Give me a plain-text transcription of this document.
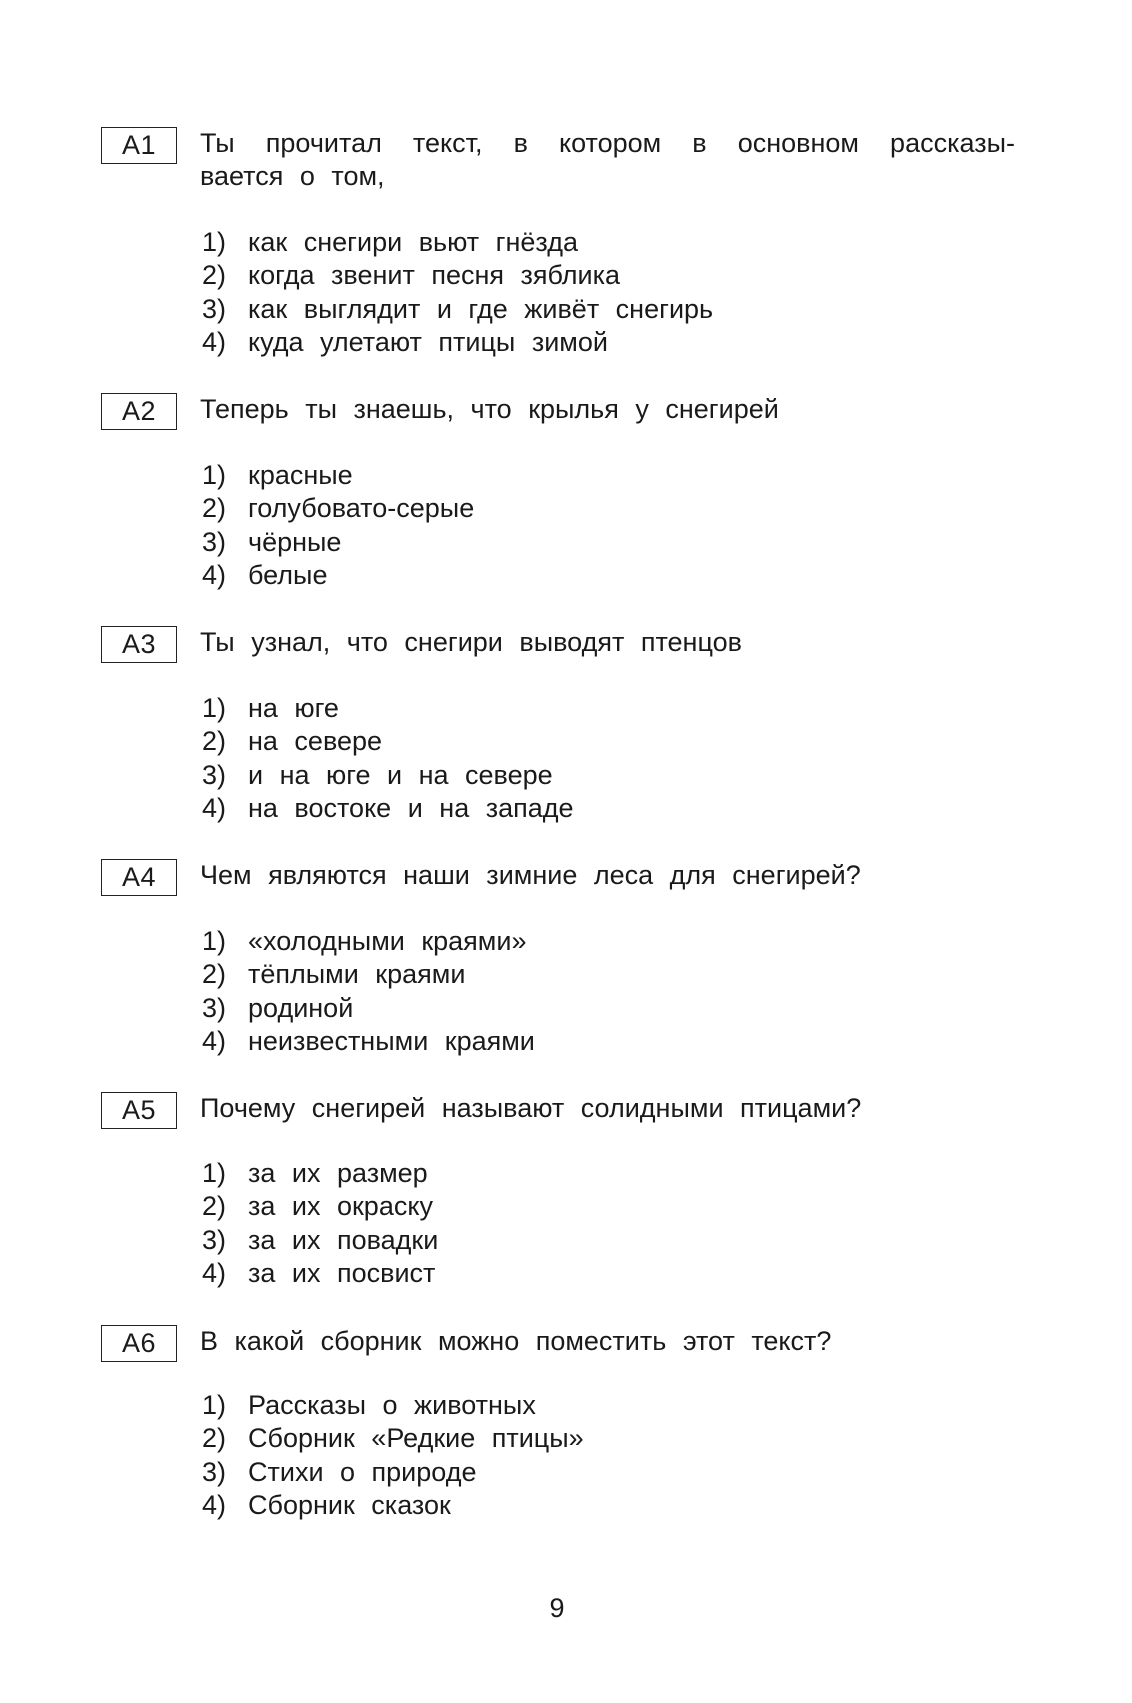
А1	Ты прочитал текст, в котором в основном рассказы-
вается о том,
1) как снегири вьют гнёзда
2) когда звенит песня зяблика
3) как выглядит и где живёт снегирь
4) куда улетают птицы зимой
А2	Теперь ты знаешь, что крылья у снегирей
1) красные
2) голубовато-серые
3) чёрные
4) белые
А3	Ты узнал, что снегири выводят птенцов
1) на юге
2) на севере
3) и на юге и на севере
4) на востоке и на западе
А4	Чем являются наши зимние леса для снегирей?
1) «холодными краями»
2) тёплыми краями
3) родиной
4) неизвестными краями
А5	Почему снегирей называют солидными птицами?
1) за их размер
2) за их окраску
3) за их повадки
4) за их посвист
А6	В какой сборник можно поместить этот текст?
1) Рассказы о животных
2) Сборник «Редкие птицы»
3) Стихи о природе
4) Сборник сказок
9
